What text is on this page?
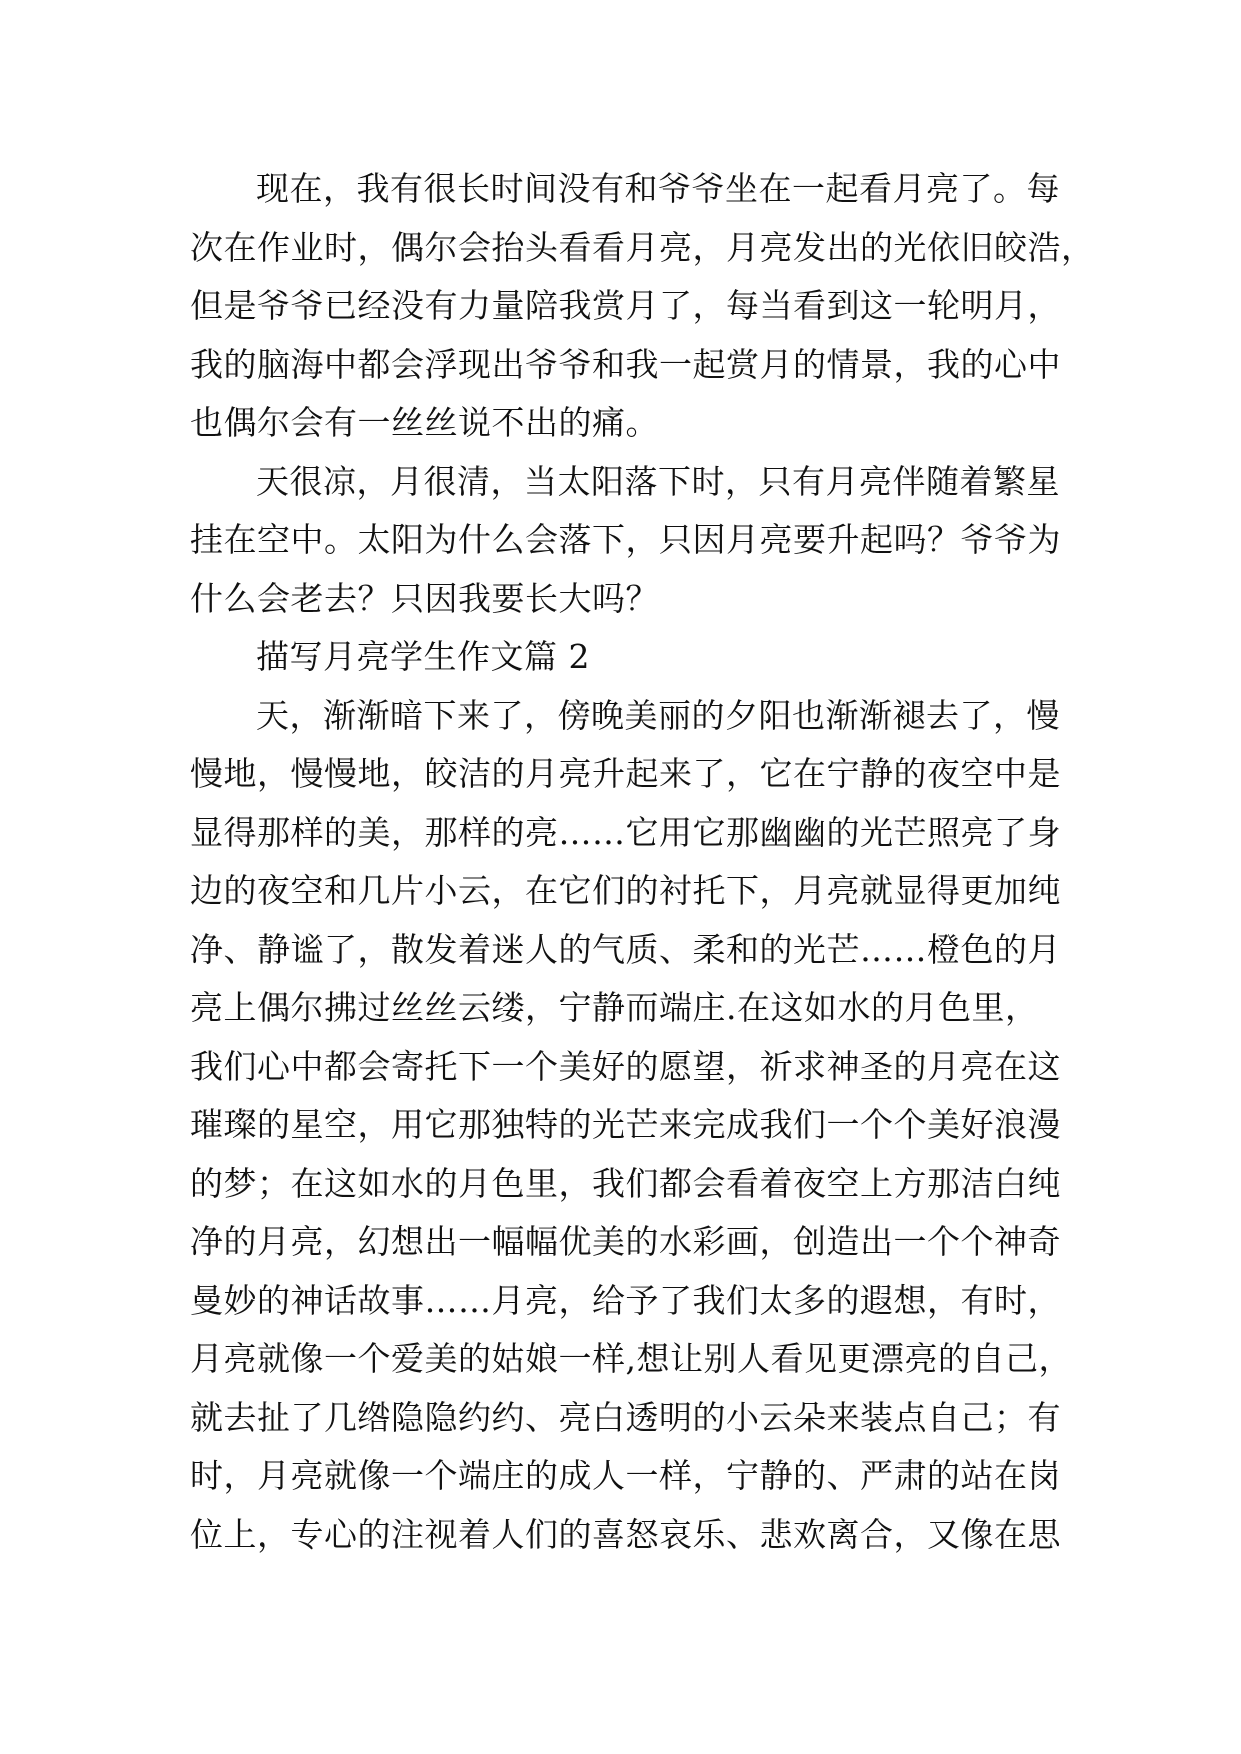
现在，我有很长时间没有和爷爷坐在一起看月亮了。每
次在作业时，偶尔会抬头看看月亮，月亮发出的光依旧皎浩，
但是爷爷已经没有力量陪我赏月了，每当看到这一轮明月，
我的脑海中都会浮现出爷爷和我一起赏月的情景，我的心中
也偶尔会有一丝丝说不出的痛。
天很凉，月很清，当太阳落下时，只有月亮伴随着繁星
挂在空中。太阳为什么会落下，只因月亮要升起吗？爷爷为
什么会老去？只因我要长大吗？
描写月亮学生作文篇 2
天，渐渐暗下来了，傍晚美丽的夕阳也渐渐褪去了，慢
慢地，慢慢地，皎洁的月亮升起来了，它在宁静的夜空中是
显得那样的美，那样的亮……它用它那幽幽的光芒照亮了身
边的夜空和几片小云，在它们的衬托下，月亮就显得更加纯
净、静谧了，散发着迷人的气质、柔和的光芒……橙色的月
亮上偶尔拂过丝丝云缕，宁静而端庄.在这如水的月色里，
我们心中都会寄托下一个美好的愿望，祈求神圣的月亮在这
璀璨的星空，用它那独特的光芒来完成我们一个个美好浪漫
的梦；在这如水的月色里，我们都会看着夜空上方那洁白纯
净的月亮，幻想出一幅幅优美的水彩画，创造出一个个神奇
曼妙的神话故事……月亮，给予了我们太多的遐想，有时，
月亮就像一个爱美的姑娘一样,想让别人看见更漂亮的自己，
就去扯了几绺隐隐约约、亮白透明的小云朵来装点自己；有
时，月亮就像一个端庄的成人一样，宁静的、严肃的站在岗
位上，专心的注视着人们的喜怒哀乐、悲欢离合，又像在思
